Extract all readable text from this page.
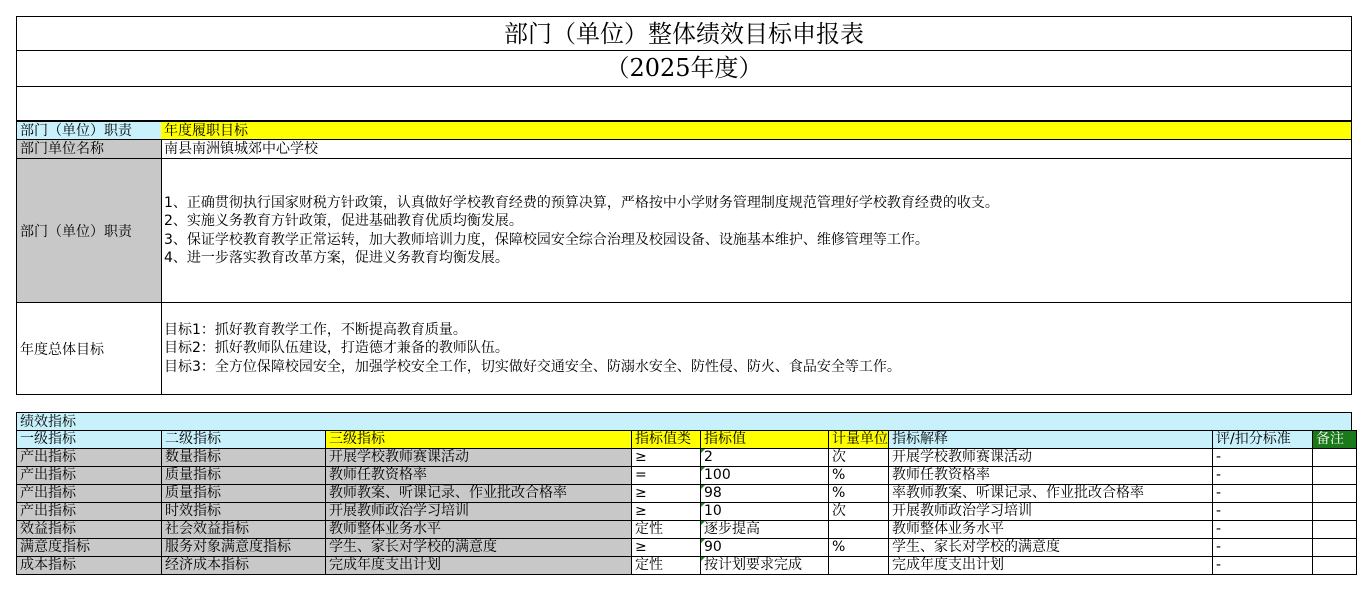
部门（单位）整体绩效目标申报表
（2025年度）
部门（单位）职责	年度履职目标
部门单位名称	南县南洲镇城郊中心学校
部门（单位）职责
1、正确贯彻执行国家财税方针政策，认真做好学校教育经费的预算决算，严格按中小学财务管理制度规范管理好学校教育经费的收支。
2、实施义务教育方针政策，促进基础教育优质均衡发展。
3、保证学校教育教学正常运转，加大教师培训力度，保障校园安全综合治理及校园设备、设施基本维护、维修管理等工作。
4、进一步落实教育改革方案，促进义务教育均衡发展。
年度总体目标
目标1：抓好教育教学工作，不断提高教育质量。
目标2：抓好教师队伍建设，打造德才兼备的教师队伍。
目标3：全方位保障校园安全，加强学校安全工作，切实做好交通安全、防溺水安全、防性侵、防火、食品安全等工作。
绩效指标
一级指标	二级指标	三级指标	指标值类	指标值	计量单位	指标解释	评/扣分标准	备注
产出指标	数量指标	开展学校教师赛课活动	≥	2	次	开展学校教师赛课活动	-	
产出指标	质量指标	教师任教资格率	=	100	%	教师任教资格率	-	
产出指标	质量指标	教师教案、听课记录、作业批改合格率	≥	98	%	率教师教案、听课记录、作业批改合格率	-	
产出指标	时效指标	开展教师政治学习培训	≥	10	次	开展教师政治学习培训	-	
效益指标	社会效益指标	教师整体业务水平	定性	逐步提高		教师整体业务水平	-	
满意度指标	服务对象满意度指标	学生、家长对学校的满意度	≥	90	%	学生、家长对学校的满意度	-	
成本指标	经济成本指标	完成年度支出计划	定性	按计划要求完成		完成年度支出计划	-	
